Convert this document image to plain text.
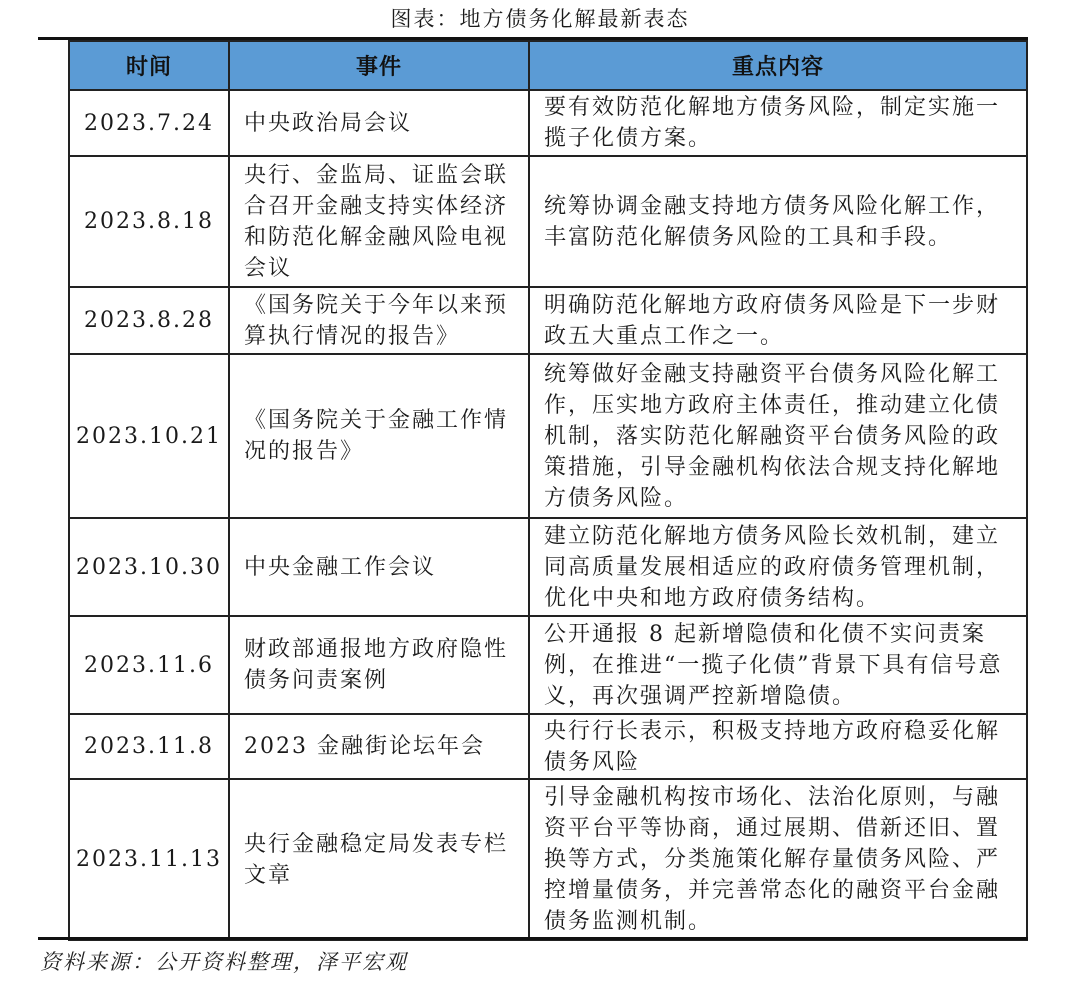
图表：地方债务化解最新表态
时间	事件	重点内容
2023.7.24	中央政治局会议	要有效防范化解地方债务风险，制定实施一揽子化债方案。
2023.8.18	央行、金监局、证监会联合召开金融支持实体经济和防范化解金融风险电视会议	统筹协调金融支持地方债务风险化解工作，丰富防范化解债务风险的工具和手段。
2023.8.28	《国务院关于今年以来预算执行情况的报告》	明确防范化解地方政府债务风险是下一步财政五大重点工作之一。
2023.10.21	《国务院关于金融工作情况的报告》	统筹做好金融支持融资平台债务风险化解工作，压实地方政府主体责任，推动建立化债机制，落实防范化解融资平台债务风险的政策措施，引导金融机构依法合规支持化解地方债务风险。
2023.10.30	中央金融工作会议	建立防范化解地方债务风险长效机制，建立同高质量发展相适应的政府债务管理机制，优化中央和地方政府债务结构。
2023.11.6	财政部通报地方政府隐性债务问责案例	公开通报 8 起新增隐债和化债不实问责案例，在推进“一揽子化债”背景下具有信号意义，再次强调严控新增隐债。
2023.11.8	2023 金融街论坛年会	央行行长表示，积极支持地方政府稳妥化解债务风险
2023.11.13	央行金融稳定局发表专栏文章	引导金融机构按市场化、法治化原则，与融资平台平等协商，通过展期、借新还旧、置换等方式，分类施策化解存量债务风险、严控增量债务，并完善常态化的融资平台金融债务监测机制。
资料来源：公开资料整理，泽平宏观
